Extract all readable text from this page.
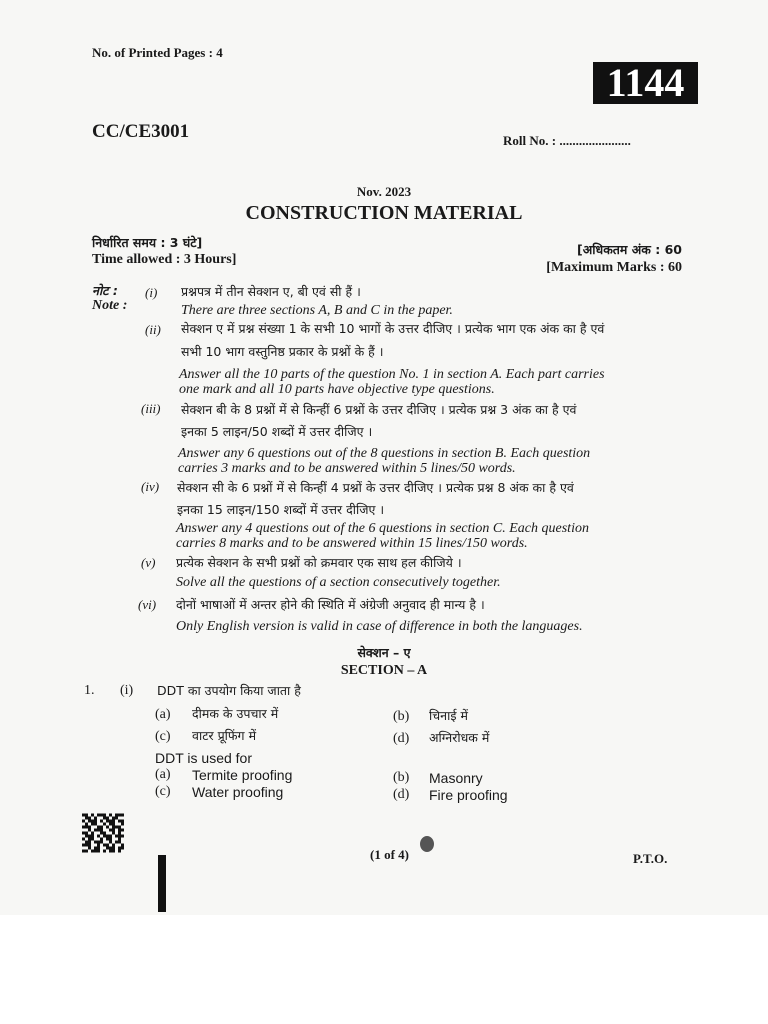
No. of Printed Pages : 4
1144
CC/CE3001	Roll No. : ......................
Nov. 2023
CONSTRUCTION MATERIAL
निर्धारित समय : 3 घंटे]
Time allowed : 3 Hours]
[अधिकतम अंक : 60
[Maximum Marks : 60
नोट :
Note :
(i) प्रश्नपत्र में तीन सेक्शन ए, बी एवं सी हैं ।
There are three sections A, B and C in the paper.
(ii) सेक्शन ए में प्रश्न संख्या 1 के सभी 10 भागों के उत्तर दीजिए । प्रत्येक भाग एक अंक का है एवं
सभी 10 भाग वस्तुनिष्ठ प्रकार के प्रश्नों के हैं ।
Answer all the 10 parts of the question No. 1 in section A. Each part carries
one mark and all 10 parts have objective type questions.
(iii) सेक्शन बी के 8 प्रश्नों में से किन्हीं 6 प्रश्नों के उत्तर दीजिए । प्रत्येक प्रश्न 3 अंक का है एवं
इनका 5 लाइन/50 शब्दों में उत्तर दीजिए ।
Answer any 6 questions out of the 8 questions in section B. Each question
carries 3 marks and to be answered within 5 lines/50 words.
(iv) सेक्शन सी के 6 प्रश्नों में से किन्हीं 4 प्रश्नों के उत्तर दीजिए । प्रत्येक प्रश्न 8 अंक का है एवं
इनका 15 लाइन/150 शब्दों में उत्तर दीजिए ।
Answer any 4 questions out of the 6 questions in section C. Each question
carries 8 marks and to be answered within 15 lines/150 words.
(v) प्रत्येक सेक्शन के सभी प्रश्नों को क्रमवार एक साथ हल कीजिये ।
Solve all the questions of a section consecutively together.
(vi) दोनों भाषाओं में अन्तर होने की स्थिति में अंग्रेजी अनुवाद ही मान्य है ।
Only English version is valid in case of difference in both the languages.
सेक्शन – ए
SECTION – A
1. (i) DDT का उपयोग किया जाता है
(a) दीमक के उपचार में	(b) चिनाई में
(c) वाटर प्रूफिंग में	(d) अग्निरोधक में
DDT is used for
(a) Termite proofing	(b) Masonry
(c) Water proofing	(d) Fire proofing
(1 of 4)	P.T.O.
